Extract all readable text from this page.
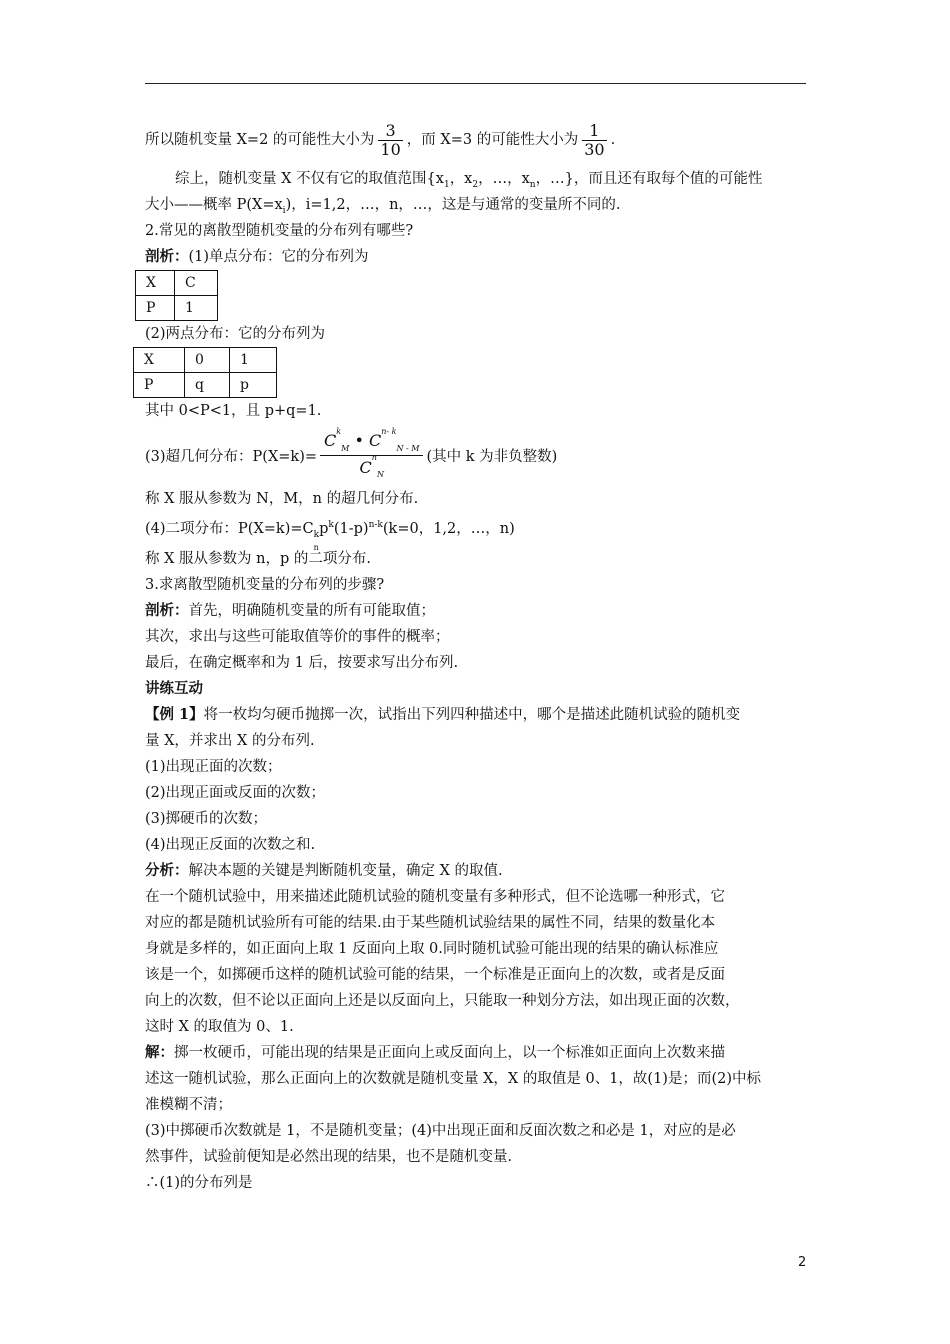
所以随机变量 X=2 的可能性大小为 $\frac{3}{10}$ ，而 X=3 的可能性大小为 $\frac{1}{30}$ .
综上，随机变量 X 不仅有它的取值范围{$x_1$，$x_2$，…，$x_n$，…}，而且还有取每个值的可能性
大小——概率 $P(X=x_i)$，i=1,2，…，n，…，这是与通常的变量所不同的.
2.常见的离散型随机变量的分布列有哪些?
剖析：(1)单点分布：它的分布列为
X	C
P	1
(2)两点分布：它的分布列为
X	0	1
P	q	p
其中 0<P<1，且 p+q=1.
(3)超几何分布：$P(X=k)= \frac{C^k_M • C^{n- k}_{N - M}}{C^n_N}$ (其中 k 为非负整数)
称 X 服从参数为 N，M，n 的超几何分布.
(4)二项分布：$P(X=k)=C_k$
n
$p^k(1-p)^{n-k}(k=0$，1,2，…，n)
称 X 服从参数为 n，p 的二项分布.
3.求离散型随机变量的分布列的步骤?
剖析：首先，明确随机变量的所有可能取值；
其次，求出与这些可能取值等价的事件的概率；
最后，在确定概率和为 1 后，按要求写出分布列.
讲练互动
【例 1】将一枚均匀硬币抛掷一次，试指出下列四种描述中，哪个是描述此随机试验的随机变
量 X，并求出 X 的分布列.
(1)出现正面的次数；
(2)出现正面或反面的次数；
(3)掷硬币的次数；
(4)出现正反面的次数之和.
分析：解决本题的关键是判断随机变量，确定 X 的取值.
在一个随机试验中，用来描述此随机试验的随机变量有多种形式，但不论选哪一种形式，它
对应的都是随机试验所有可能的结果.由于某些随机试验结果的属性不同，结果的数量化本
身就是多样的，如正面向上取 1 反面向上取 0.同时随机试验可能出现的结果的确认标准应
该是一个，如掷硬币这样的随机试验可能的结果，一个标准是正面向上的次数，或者是反面
向上的次数，但不论以正面向上还是以反面向上，只能取一种划分方法，如出现正面的次数，
这时 X 的取值为 0、1.
解：掷一枚硬币，可能出现的结果是正面向上或反面向上，以一个标准如正面向上次数来描
述这一随机试验，那么正面向上的次数就是随机变量 X，X 的取值是 0、1，故(1)是；而(2)中标
准模糊不清；
(3)中掷硬币次数就是 1，不是随机变量；(4)中出现正面和反面次数之和必是 1，对应的是必
然事件，试验前便知是必然出现的结果，也不是随机变量.
∴(1)的分布列是
2
